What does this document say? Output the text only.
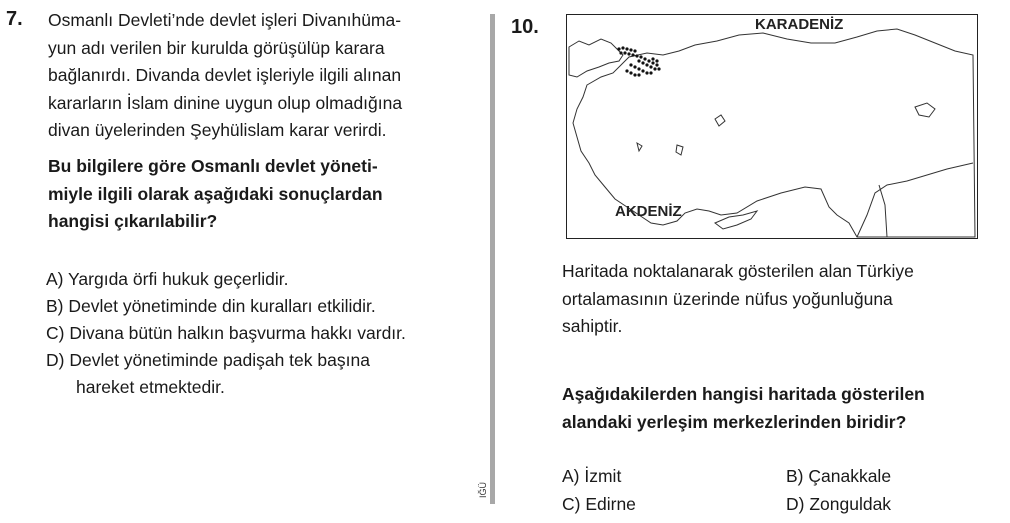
7. Osmanlı Devleti’nde devlet işleri Divanıhüma-
yun adı verilen bir kurulda görüşülüp karara
bağlanırdı. Divanda devlet işleriyle ilgili alınan
kararların İslam dinine uygun olup olmadığına
divan üyelerinden Şeyhülislam karar verirdi.
Bu bilgilere göre Osmanlı devlet yöneti-
miyle ilgili olarak aşağıdaki sonuçlardan
hangisi çıkarılabilir?
A) Yargıda örfi hukuk geçerlidir.
B) Devlet yönetiminde din kuralları etkilidir.
C) Divana bütün halkın başvurma hakkı vardır.
D) Devlet yönetiminde padişah tek başına
hareket etmektedir.
IĞÜ
10.	KARADENİZ
AKDENİZ
Haritada noktalanarak gösterilen alan Türkiye
ortalamasının üzerinde nüfus yoğunluğuna
sahiptir.
Aşağıdakilerden hangisi haritada gösterilen
alandaki yerleşim merkezlerinden biridir?
A) İzmit	B) Çanakkale
C) Edirne	D) Zonguldak
